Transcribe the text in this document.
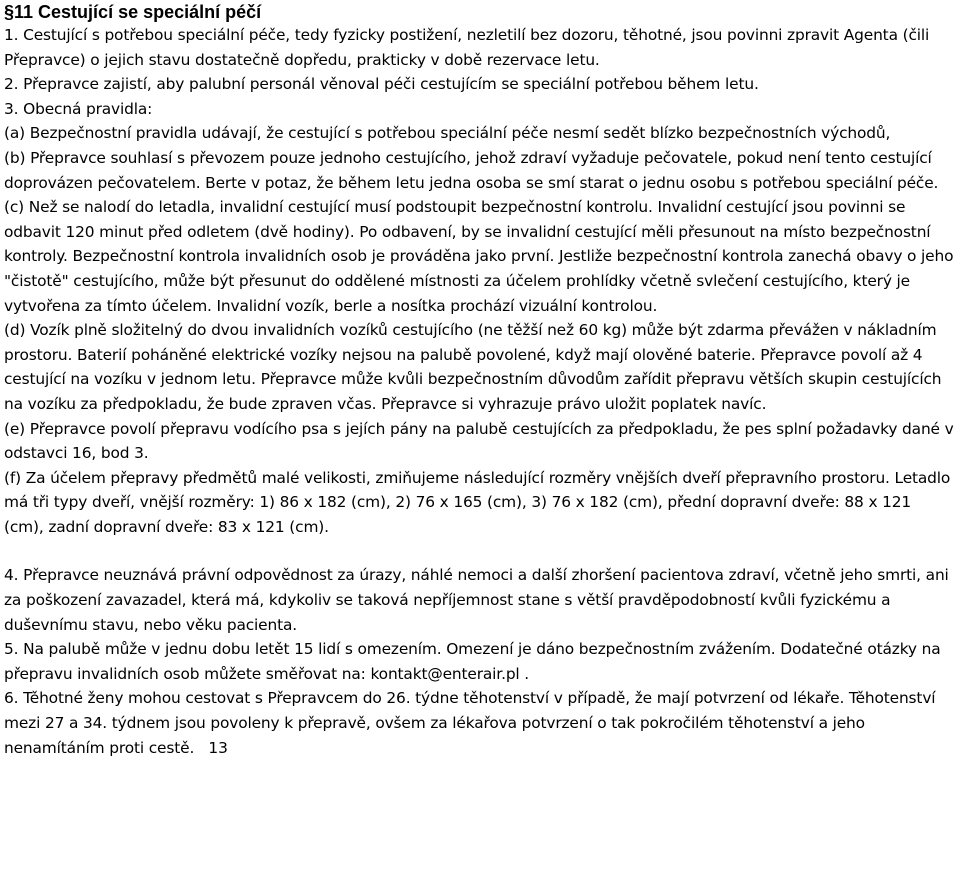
§11 Cestující se speciální péčí

1. Cestující s potřebou speciální péče, tedy fyzicky postižení, nezletilí bez dozoru, těhotné, jsou povinni zpravit Agenta (čili Přepravce) o jejich stavu dostatečně dopředu, prakticky v době rezervace letu.

2. Přepravce zajistí, aby palubní personál věnoval péči cestujícím se speciální potřebou během letu.

3. Obecná pravidla:

(a) Bezpečnostní pravidla udávají, že cestující s potřebou speciální péče nesmí sedět blízko bezpečnostních východů,

(b) Přepravce souhlasí s převozem pouze jednoho cestujícího, jehož zdraví vyžaduje pečovatele, pokud není tento cestující doprovázen pečovatelem. Berte v potaz, že během letu jedna osoba se smí starat o jednu osobu s potřebou speciální péče.

(c) Než se nalodí do letadla, invalidní cestující musí podstoupit bezpečnostní kontrolu. Invalidní cestující jsou povinni se odbavit 120 minut před odletem (dvě hodiny). Po odbavení, by se invalidní cestující měli přesunout na místo bezpečnostní kontroly. Bezpečnostní kontrola invalidních osob je prováděna jako první. Jestliže bezpečnostní kontrola zanechá obavy o jeho "čistotě" cestujícího, může být přesunut do oddělené místnosti za účelem prohlídky včetně svlečení cestujícího, který je vytvořena za tímto účelem. Invalidní vozík, berle a nosítka prochází vizuální kontrolou.

(d) Vozík plně složitelný do dvou invalidních vozíků cestujícího (ne těžší než 60 kg) může být zdarma převážen v nákladním prostoru. Baterií poháněné elektrické vozíky nejsou na palubě povolené, když mají olověné baterie. Přepravce povolí až 4 cestující na vozíku v jednom letu. Přepravce může kvůli bezpečnostním důvodům zařídit přepravu větších skupin cestujících na vozíku za předpokladu, že bude zpraven včas. Přepravce si vyhrazuje právo uložit poplatek navíc.

(e) Přepravce povolí přepravu vodícího psa s jejích pány na palubě cestujících za předpokladu, že pes splní požadavky dané v odstavci 16, bod 3.

(f) Za účelem přepravy předmětů malé velikosti, zmiňujeme následující rozměry vnějších dveří přepravního prostoru. Letadlo má tři typy dveří, vnější rozměry: 1) 86 x 182 (cm), 2) 76 x 165 (cm), 3) 76 x 182 (cm), přední dopravní dveře: 88 x 121 (cm), zadní dopravní dveře: 83 x 121 (cm).

4. Přepravce neuznává právní odpovědnost za úrazy, náhlé nemoci a další zhoršení pacientova zdraví, včetně jeho smrti, ani za poškození zavazadel, která má, kdykoliv se taková nepříjemnost stane s větší pravděpodobností kvůli fyzickému a duševnímu stavu, nebo věku pacienta.

5. Na palubě může v jednu dobu letět 15 lidí s omezením. Omezení je dáno bezpečnostním zvážením. Dodatečné otázky na přepravu invalidních osob můžete směřovat na: kontakt@enterair.pl .

6. Těhotné ženy mohou cestovat s Přepravcem do 26. týdne těhotenství v případě, že mají potvrzení od lékaře. Těhotenství mezi 27 a 34. týdnem jsou povoleny k přepravě, ovšem za lékařova potvrzení o tak pokročilém těhotenství a jeho nenamítáním proti cestě. 13
